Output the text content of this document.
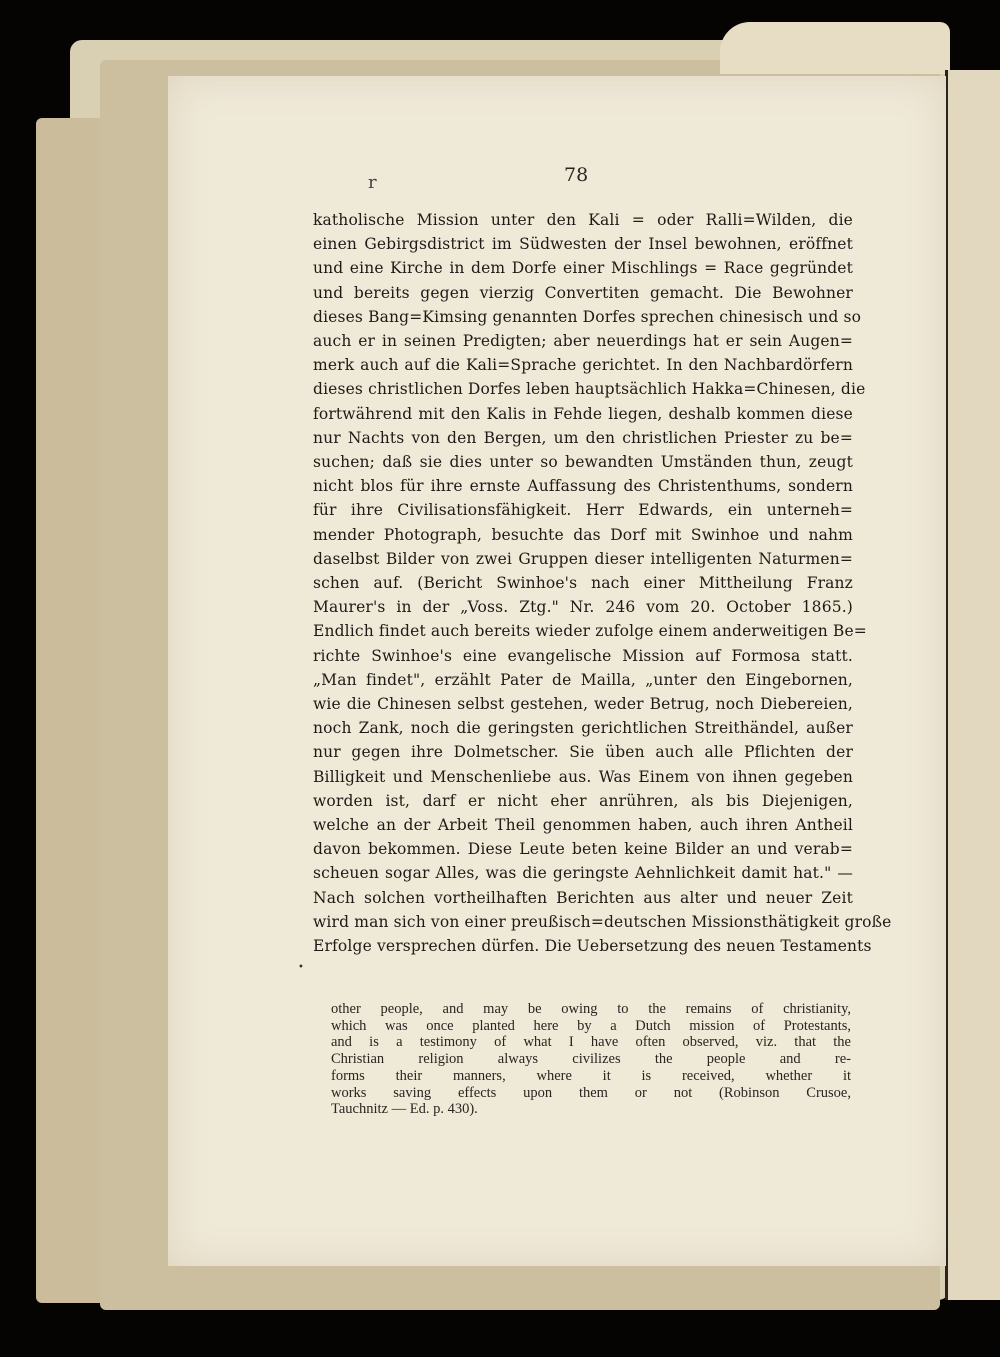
r	78
katholische Mission unter den Kali = oder Ralli=Wilden, die
einen Gebirgsdistrict im Südwesten der Insel bewohnen, eröffnet
und eine Kirche in dem Dorfe einer Mischlings = Race gegründet
und bereits gegen vierzig Convertiten gemacht. Die Bewohner
dieses Bang=Kimsing genannten Dorfes sprechen chinesisch und so
auch er in seinen Predigten; aber neuerdings hat er sein Augen=
merk auch auf die Kali=Sprache gerichtet. In den Nachbardörfern
dieses christlichen Dorfes leben hauptsächlich Hakka=Chinesen, die
fortwährend mit den Kalis in Fehde liegen, deshalb kommen diese
nur Nachts von den Bergen, um den christlichen Priester zu be=
suchen; daß sie dies unter so bewandten Umständen thun, zeugt
nicht blos für ihre ernste Auffassung des Christenthums, sondern
für ihre Civilisationsfähigkeit. Herr Edwards, ein unterneh=
mender Photograph, besuchte das Dorf mit Swinhoe und nahm
daselbst Bilder von zwei Gruppen dieser intelligenten Naturmen=
schen auf. (Bericht Swinhoe's nach einer Mittheilung Franz
Maurer's in der „Voss. Ztg." Nr. 246 vom 20. October 1865.)
Endlich findet auch bereits wieder zufolge einem anderweitigen Be=
richte Swinhoe's eine evangelische Mission auf Formosa statt.
„Man findet", erzählt Pater de Mailla, „unter den Eingebornen,
wie die Chinesen selbst gestehen, weder Betrug, noch Diebereien,
noch Zank, noch die geringsten gerichtlichen Streithändel, außer
nur gegen ihre Dolmetscher. Sie üben auch alle Pflichten der
Billigkeit und Menschenliebe aus. Was Einem von ihnen gegeben
worden ist, darf er nicht eher anrühren, als bis Diejenigen,
welche an der Arbeit Theil genommen haben, auch ihren Antheil
davon bekommen. Diese Leute beten keine Bilder an und verab=
scheuen sogar Alles, was die geringste Aehnlichkeit damit hat." —
Nach solchen vortheilhaften Berichten aus alter und neuer Zeit
wird man sich von einer preußisch=deutschen Missionsthätigkeit große
Erfolge versprechen dürfen. Die Uebersetzung des neuen Testaments
•
other people, and may be owing to the remains of christianity,
which was once planted here by a Dutch mission of Protestants,
and is a testimony of what I have often observed, viz. that the
Christian religion always civilizes the people and re-
forms their manners, where it is received, whether it
works saving effects upon them or not (Robinson Crusoe,
Tauchnitz — Ed. p. 430).
